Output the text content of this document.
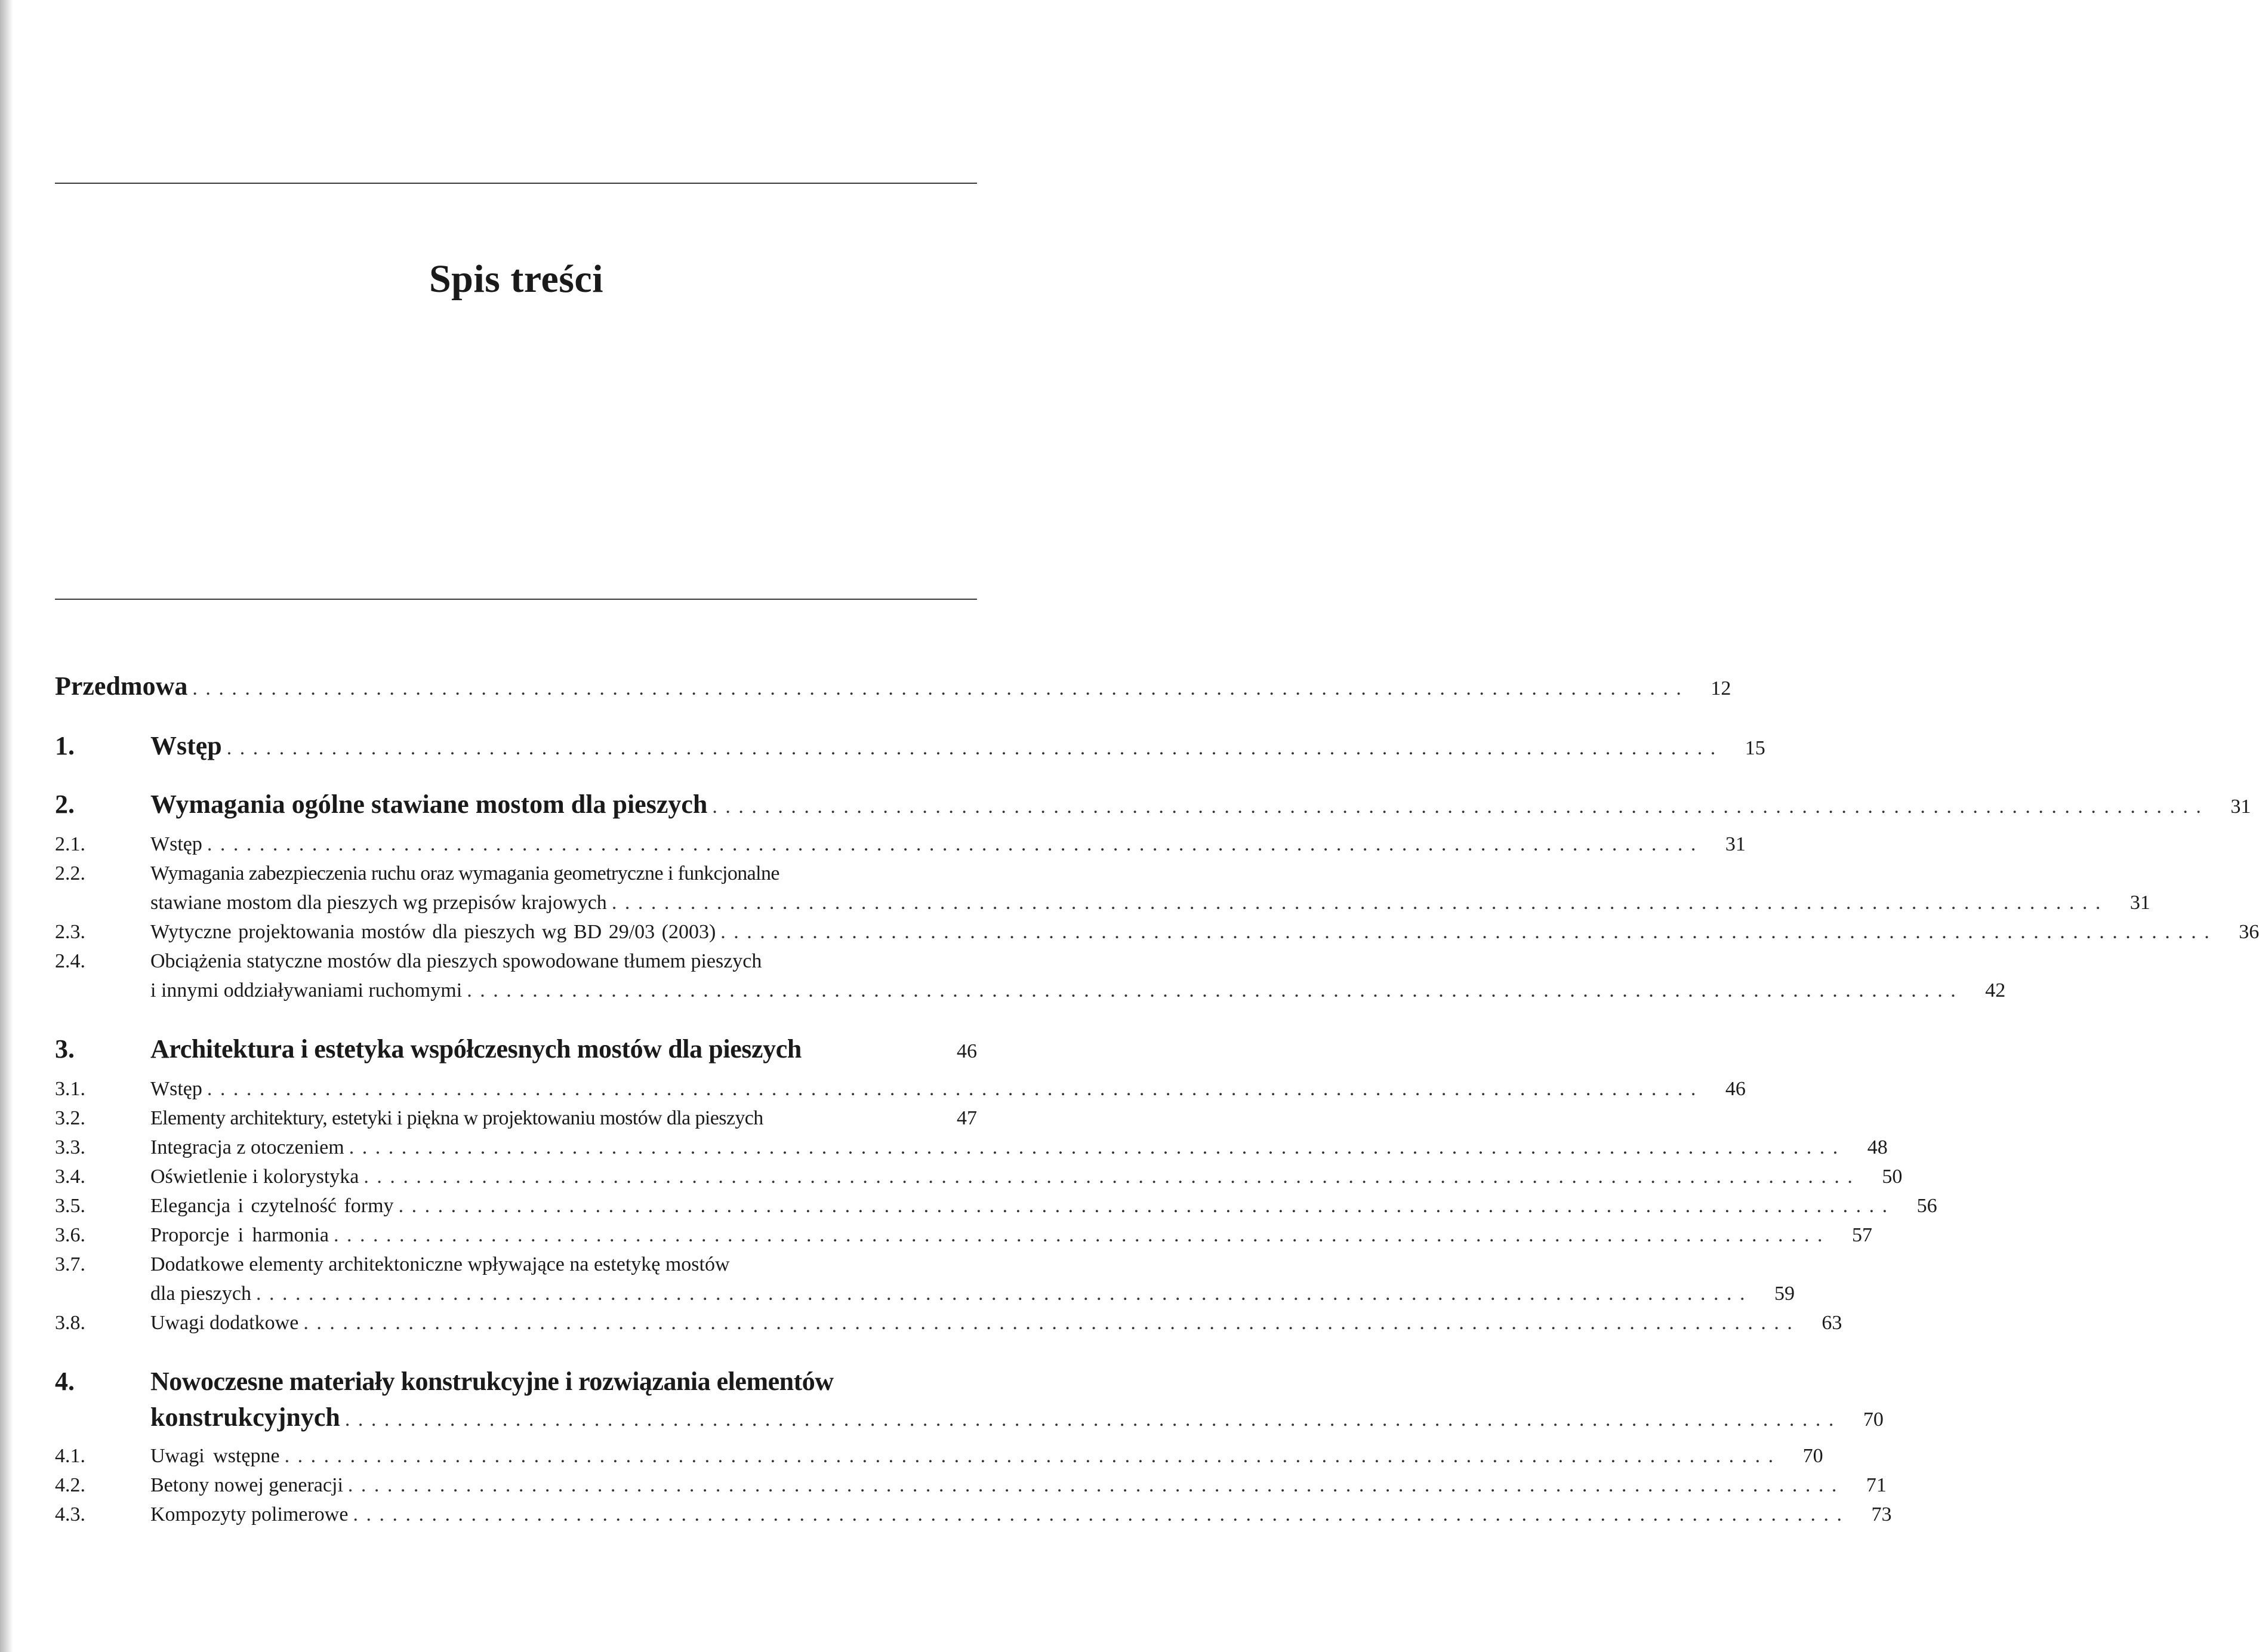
Spis treści
Przedmowa ..................................................................................................................	12
1.	Wstęp ..................................................................................................................	15
2.	Wymagania ogólne stawiane mostom dla pieszych ..................................................................................................................	31
2.1.	Wstęp ..................................................................................................................	31
2.2.	Wymagania zabezpieczenia ruchu oraz wymagania geometryczne i funkcjonalne
stawiane mostom dla pieszych wg przepisów krajowych ..................................................................................................................	31
2.3.	Wytyczne projektowania mostów dla pieszych wg BD 29/03 (2003) ..................................................................................................................	36
2.4.	Obciążenia statyczne mostów dla pieszych spowodowane tłumem pieszych
i innymi oddziaływaniami ruchomymi ..................................................................................................................	42
3.	Architektura i estetyka współczesnych mostów dla pieszych	46
3.1.	Wstęp ..................................................................................................................	46
3.2.	Elementy architektury, estetyki i piękna w projektowaniu mostów dla pieszych	47
3.3.	Integracja z otoczeniem ..................................................................................................................	48
3.4.	Oświetlenie i kolorystyka ..................................................................................................................	50
3.5.	Elegancja i czytelność formy ..................................................................................................................	56
3.6.	Proporcje i harmonia ..................................................................................................................	57
3.7.	Dodatkowe elementy architektoniczne wpływające na estetykę mostów
dla pieszych ..................................................................................................................	59
3.8.	Uwagi dodatkowe ..................................................................................................................	63
4.	Nowoczesne materiały konstrukcyjne i rozwiązania elementów
konstrukcyjnych ..................................................................................................................	70
4.1.	Uwagi wstępne ..................................................................................................................	70
4.2.	Betony nowej generacji ..................................................................................................................	71
4.3.	Kompozyty polimerowe ..................................................................................................................	73
